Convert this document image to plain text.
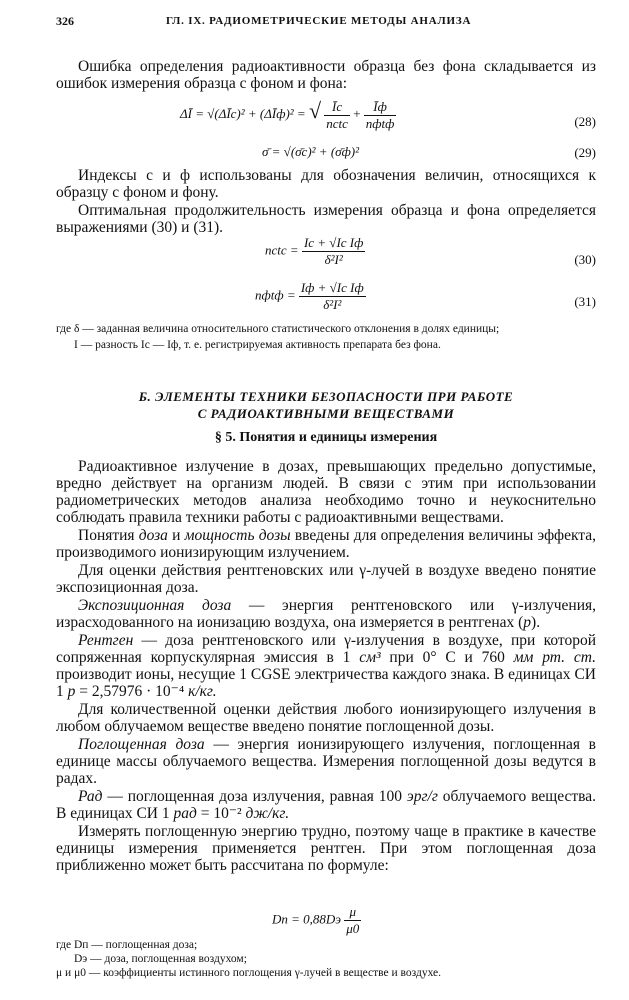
326	ГЛ. IX. РАДИОМЕТРИЧЕСКИЕ МЕТОДЫ АНАЛИЗА

Ошибка определения радиоактивности образца без фона складывается из ошибок измерения образца с фоном и фона:

ΔĪ = √(ΔĪc)² + (ΔĪф)² = √ $\frac{Īc}{\text{nctc}} + \frac{Īф}{\text{nфtф}}$	(28)
σ̄ = √(σ̄c)² + (σ̄ф)²	(29)

Индексы с и ф использованы для обозначения величин, относящихся к образцу с фоном и фону.

Оптимальная продолжительность измерения образца и фона определяется выражениями (30) и (31).

nctc = $\frac{\text{Ic + √Ic Iф}}{\text{δ²I²}}$	(30)
nфtф = $\frac{\text{Iф + √Ic Iф}}{\text{δ²I²}}$	(31)
где δ — заданная величина относительного статистического отклонения в долях единицы;
I — разность Ic — Iф, т. е. регистрируемая активность препарата без фона.
Б. ЭЛЕМЕНТЫ ТЕХНИКИ БЕЗОПАСНОСТИ ПРИ РАБОТЕ
С РАДИОАКТИВНЫМИ ВЕЩЕСТВАМИ
§ 5. Понятия и единицы измерения

Радиоактивное излучение в дозах, превышающих предельно допустимые, вредно действует на организм людей. В связи с этим при использовании радиометрических методов анализа необходимо точно и неукоснительно соблюдать правила техники работы с радиоактивными веществами.

Понятия доза и мощность дозы введены для определения величины эффекта, производимого ионизирующим излучением.

Для оценки действия рентгеновских или γ-лучей в воздухе введено понятие экспозиционная доза.

Экспозиционная доза — энергия рентгеновского или γ-излучения, израсходованного на ионизацию воздуха, она измеряется в рентгенах (р).

Рентген — доза рентгеновского или γ-излучения в воздухе, при которой сопряженная корпускулярная эмиссия в 1 см³ при 0° C и 760 мм рт. ст. производит ионы, несущие 1 CGSE электричества каждого знака. В единицах СИ 1 р = 2,57976 · 10⁻⁴ к/кг.

Для количественной оценки действия любого ионизирующего излучения в любом облучаемом веществе введено понятие поглощенной дозы.

Поглощенная доза — энергия ионизирующего излучения, поглощенная в единице массы облучаемого вещества. Измерения поглощенной дозы ведутся в радах.

Рад — поглощенная доза излучения, равная 100 эрг/г облучаемого вещества. В единицах СИ 1 рад = 10⁻² дж/кг.

Измерять поглощенную энергию трудно, поэтому чаще в практике в качестве единицы измерения применяется рентген. При этом поглощенная доза приближенно может быть рассчитана по формуле:

Dп = $0,88Dэ \frac{\mu}{\mu 0}$
где Dп — поглощенная доза;
Dэ — доза, поглощенная воздухом;
μ и μ0 — коэффициенты истинного поглощения γ-лучей в веществе и воздухе.
